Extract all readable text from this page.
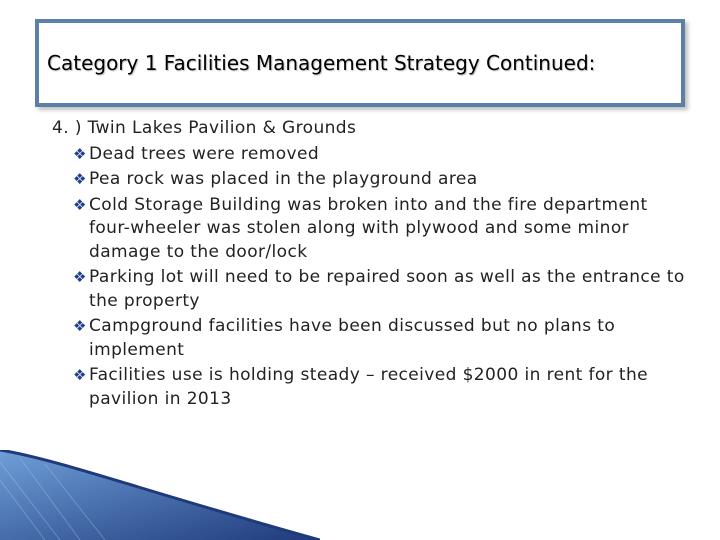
Category 1 Facilities Management Strategy Continued:
4. ) Twin Lakes Pavilion & Grounds
❖ Dead trees were removed
❖ Pea rock was placed in the playground area
❖ Cold Storage Building was broken into and the fire department four-wheeler was stolen along with plywood and some minor damage to the door/lock
❖ Parking lot will need to be repaired soon as well as the entrance to the property
❖ Campground facilities have been discussed but no plans to implement
❖ Facilities use is holding steady – received $2000 in rent for the pavilion in 2013
